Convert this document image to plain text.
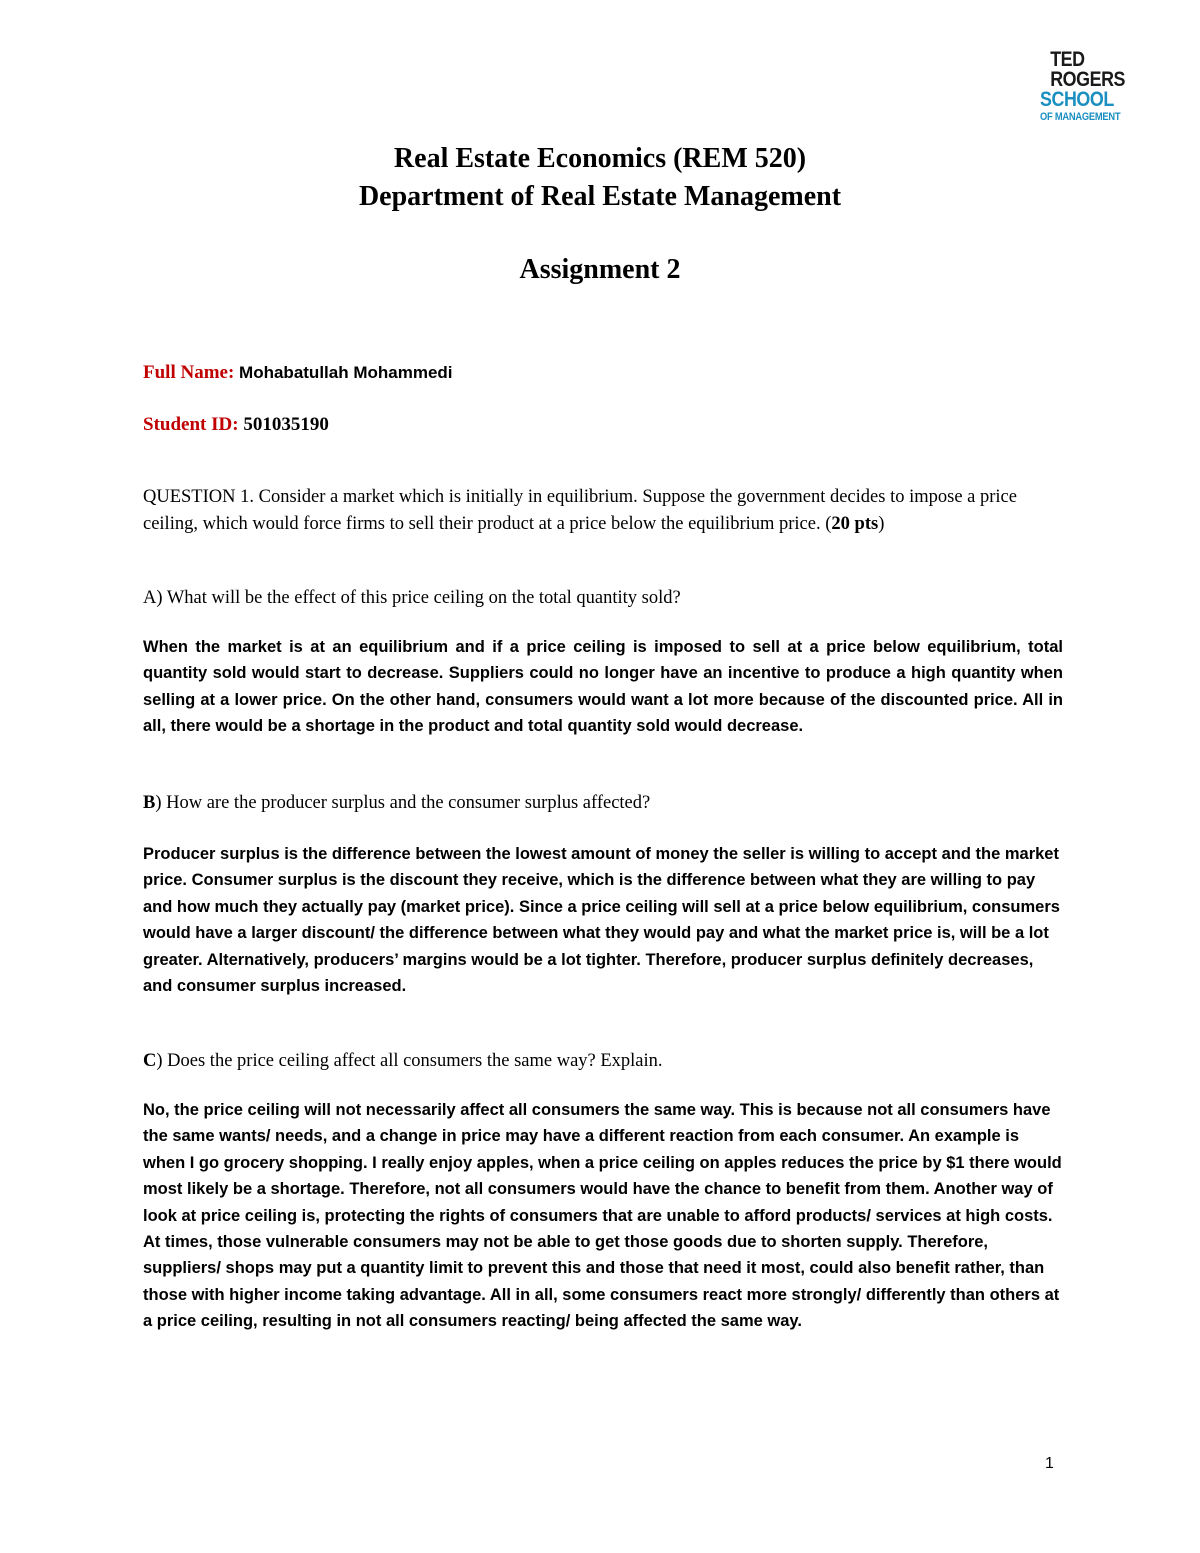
TED
ROGERS
SCHOOL
OF MANAGEMENT
Real Estate Economics (REM 520)
Department of Real Estate Management
Assignment 2
Full Name: Mohabatullah Mohammedi
Student ID: 501035190
QUESTION 1. Consider a market which is initially in equilibrium. Suppose the government decides to impose a price ceiling, which would force firms to sell their product at a price below the equilibrium price. (20 pts)
A) What will be the effect of this price ceiling on the total quantity sold?
When the market is at an equilibrium and if a price ceiling is imposed to sell at a price below equilibrium, total quantity sold would start to decrease. Suppliers could no longer have an incentive to produce a high quantity when selling at a lower price. On the other hand, consumers would want a lot more because of the discounted price. All in all, there would be a shortage in the product and total quantity sold would decrease.
B) How are the producer surplus and the consumer surplus affected?
Producer surplus is the difference between the lowest amount of money the seller is willing to accept and the market price. Consumer surplus is the discount they receive, which is the difference between what they are willing to pay and how much they actually pay (market price). Since a price ceiling will sell at a price below equilibrium, consumers would have a larger discount/ the difference between what they would pay and what the market price is, will be a lot greater. Alternatively, producers’ margins would be a lot tighter. Therefore, producer surplus definitely decreases, and consumer surplus increased.
C) Does the price ceiling affect all consumers the same way? Explain.
No, the price ceiling will not necessarily affect all consumers the same way. This is because not all consumers have the same wants/ needs, and a change in price may have a different reaction from each consumer. An example is when I go grocery shopping. I really enjoy apples, when a price ceiling on apples reduces the price by $1 there would most likely be a shortage. Therefore, not all consumers would have the chance to benefit from them. Another way of look at price ceiling is, protecting the rights of consumers that are unable to afford products/ services at high costs. At times, those vulnerable consumers may not be able to get those goods due to shorten supply. Therefore, suppliers/ shops may put a quantity limit to prevent this and those that need it most, could also benefit rather, than those with higher income taking advantage. All in all, some consumers react more strongly/ differently than others at a price ceiling, resulting in not all consumers reacting/ being affected the same way.
1
